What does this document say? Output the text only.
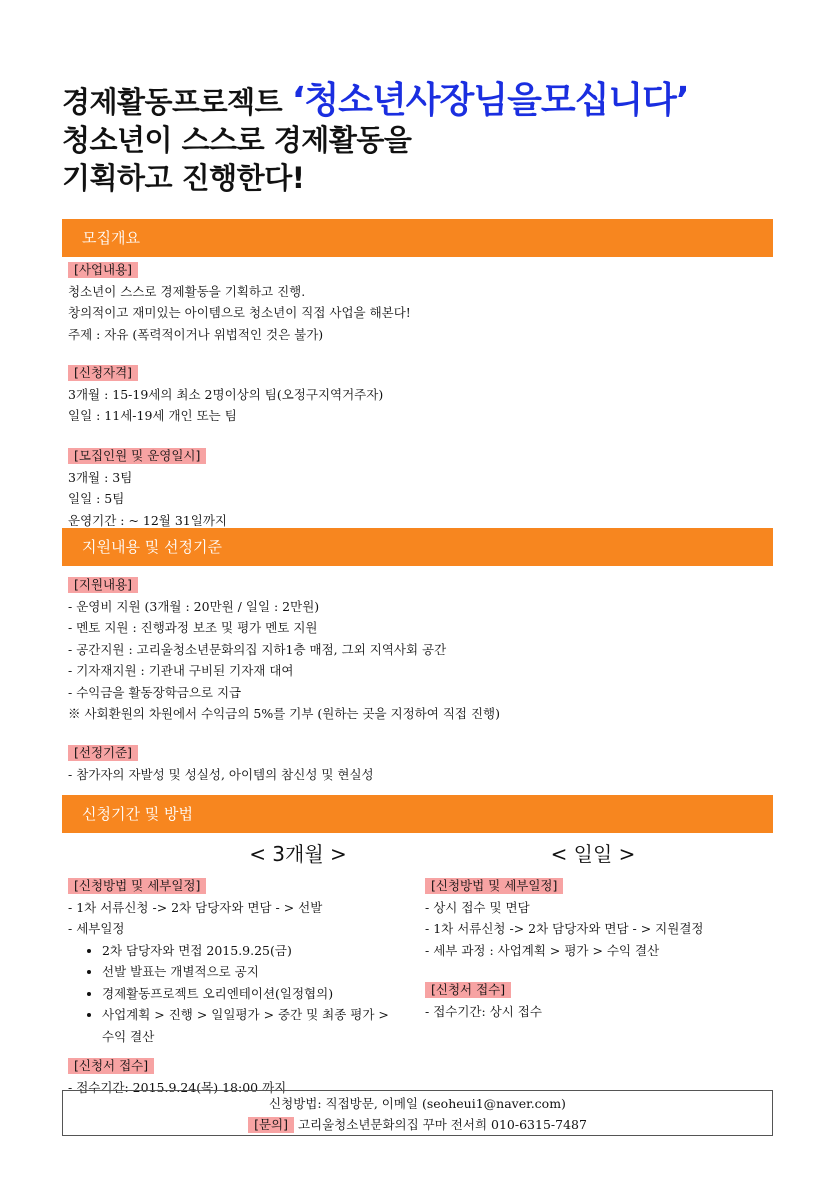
경제활동프로젝트 ‘청소년사장님을모십니다’
청소년이 스스로 경제활동을
기획하고 진행한다!
모집개요
[사업내용]
청소년이 스스로 경제활동을 기획하고 진행.
창의적이고 재미있는 아이템으로 청소년이 직접 사업을 해본다!
주제 : 자유 (폭력적이거나 위법적인 것은 불가)
[신청자격]
3개월 : 15-19세의 최소 2명이상의 팀(오정구지역거주자)
일일 : 11세-19세 개인 또는 팀
[모집인원 및 운영일시]
3개월 : 3팀
일일 : 5팀
운영기간 : ~ 12월 31일까지
지원내용 및 선정기준
[지원내용]
- 운영비 지원 (3개월 : 20만원 / 일일 : 2만원)
- 멘토 지원 : 진행과정 보조 및 평가 멘토 지원
- 공간지원 : 고리울청소년문화의집 지하1층 매점, 그외 지역사회 공간
- 기자재지원 : 기관내 구비된 기자재 대여
- 수익금을 활동장학금으로 지급
※ 사회환원의 차원에서 수익금의 5%를 기부 (원하는 곳을 지정하여 직접 진행)
[선정기준]
- 참가자의 자발성 및 성실성, 아이템의 참신성 및 현실성
신청기간 및 방법
< 3개월 >
[신청방법 및 세부일정]
- 1차 서류신청 -> 2차 담당자와 면담 - > 선발
- 세부일정
• 2차 담당자와 면접 2015.9.25(금)
• 선발 발표는 개별적으로 공지
• 경제활동프로젝트 오리엔테이션(일정협의)
• 사업계획 > 진행 > 일일평가 > 중간 및 최종 평가 > 수익 결산
[신청서 접수]
- 접수기간: 2015.9.24(목) 18:00 까지
< 일일 >
[신청방법 및 세부일정]
- 상시 접수 및 면담
- 1차 서류신청 -> 2차 담당자와 면담 - > 지원결정
- 세부 과정 : 사업계획 > 평가 > 수익 결산
[신청서 접수]
- 접수기간: 상시 접수
신청방법: 직접방문, 이메일 (seoheui1@naver.com)
[문의] 고리울청소년문화의집 꾸마 전서희 010-6315-7487
